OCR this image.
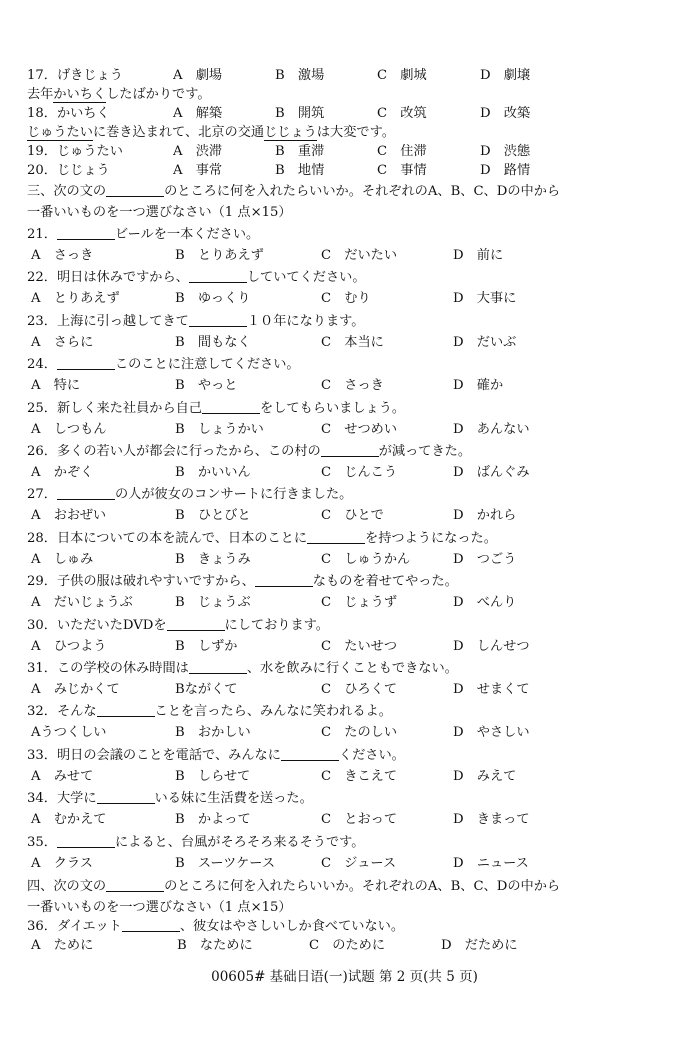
17．げきじょう	A　劇場	B　激場	C　劇城	D　劇壌
去年かいちくしたばかりです。
18．かいちく	A　解築	B　開筑	C　改筑	D　改築
じゅうたいに巻き込まれて、北京の交通じじょうは大変です。
19．じゅうたい	A　渋滞	B　重滞	C　住滞	D　渋態
20．じじょう	A　事常	B　地情	C　事情	D　路情
三、次の文の	のところに何を入れたらいいか。それぞれのA、B、C、Dの中から
一番いいものを一つ選びなさい（1 点×15）
21．	ビールを一本ください。
A　さっき	B　とりあえず	C　だいたい	D　前に
22．明日は休みですから、	していてください。
A　とりあえず	B　ゆっくり	C　むり	D　大事に
23．上海に引っ越してきて	１０年になります。
A　さらに	B　間もなく	C　本当に	D　だいぶ
24．	このことに注意してください。
A　特に	B　やっと	C　さっき	D　確か
25．新しく来た社員から自己	をしてもらいましょう。
A　しつもん	B　しょうかい	C　せつめい	D　あんない
26．多くの若い人が都会に行ったから、この村の	が減ってきた。
A　かぞく	B　かいいん	C　じんこう	D　ばんぐみ
27．	の人が彼女のコンサートに行きました。
A　おおぜい	B　ひとびと	C　ひとで	D　かれら
28．日本についての本を読んで、日本のことに	を持つようになった。
A　しゅみ	B　きょうみ	C　しゅうかん	D　つごう
29．子供の服は破れやすいですから、	なものを着せてやった。
A　だいじょうぶ	B　じょうぶ	C　じょうず	D　べんり
30．いただいたDVDを	にしております。
A　ひつよう	B　しずか	C　たいせつ	D　しんせつ
31．この学校の休み時間は	、水を飲みに行くこともできない。
A　みじかくて	Bながくて	C　ひろくて	D　せまくて
32．そんな	ことを言ったら、みんなに笑われるよ。
Aうつくしい	B　おかしい	C　たのしい	D　やさしい
33．明日の会議のことを電話で、みんなに	ください。
A　みせて	B　しらせて	C　きこえて	D　みえて
34．大学に	いる妹に生活費を送った。
A　むかえて	B　かよって	C　とおって	D　きまって
35．	によると、台風がそろそろ来るそうです。
A　クラス	B　スーツケース	C　ジュース	D　ニュース
四、次の文の	のところに何を入れたらいいか。それぞれのA、B、C、Dの中から
一番いいものを一つ選びなさい（1 点×15）
36．ダイエット	、彼女はやさしいしか食べていない。
A　ために	B　なために	C　のために	D　だために
00605# 基础日语(一)试题 第 2 页(共 5 页)
